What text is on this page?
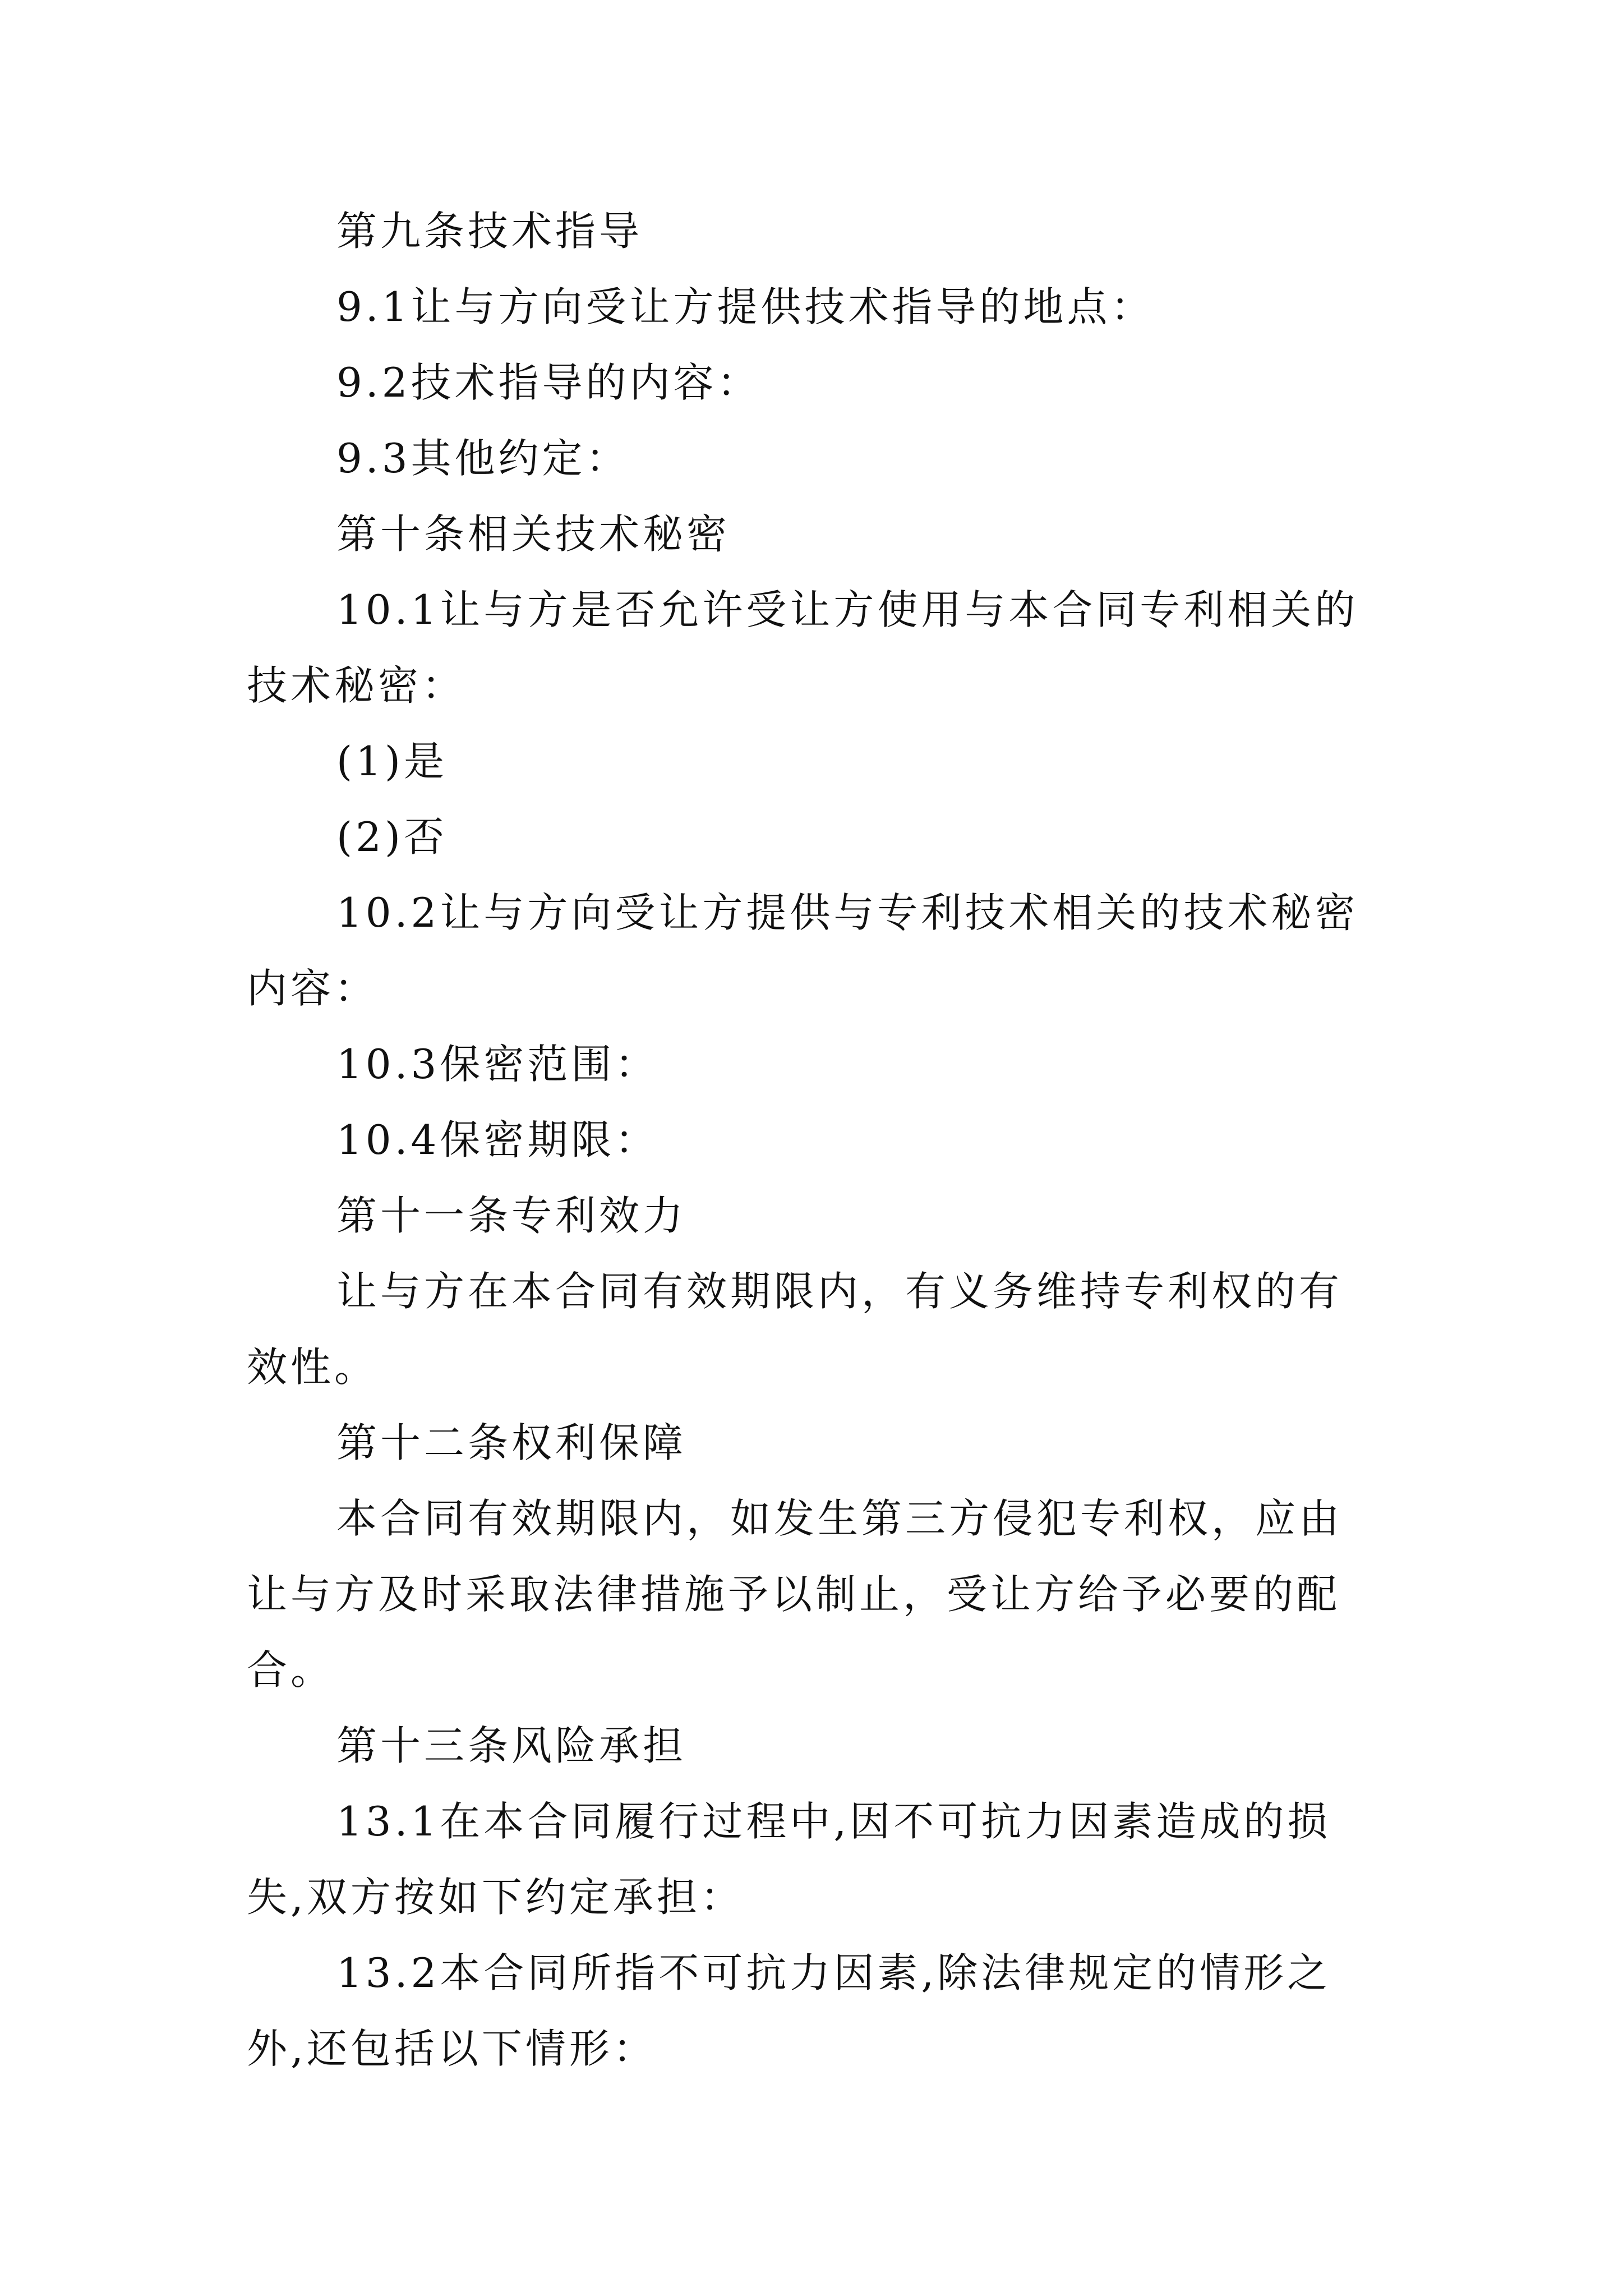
第九条技术指导

9.1让与方向受让方提供技术指导的地点：

9.2技术指导的内容：

9.3其他约定：

第十条相关技术秘密

10.1让与方是否允许受让方使用与本合同专利相关的技术秘密：

(1)是

(2)否

10.2让与方向受让方提供与专利技术相关的技术秘密内容：

10.3保密范围：

10.4保密期限：

第十一条专利效力

让与方在本合同有效期限内，有义务维持专利权的有效性。

第十二条权利保障

本合同有效期限内，如发生第三方侵犯专利权，应由让与方及时采取法律措施予以制止，受让方给予必要的配合。

第十三条风险承担

13.1在本合同履行过程中,因不可抗力因素造成的损失,双方按如下约定承担：

13.2本合同所指不可抗力因素,除法律规定的情形之外,还包括以下情形：
